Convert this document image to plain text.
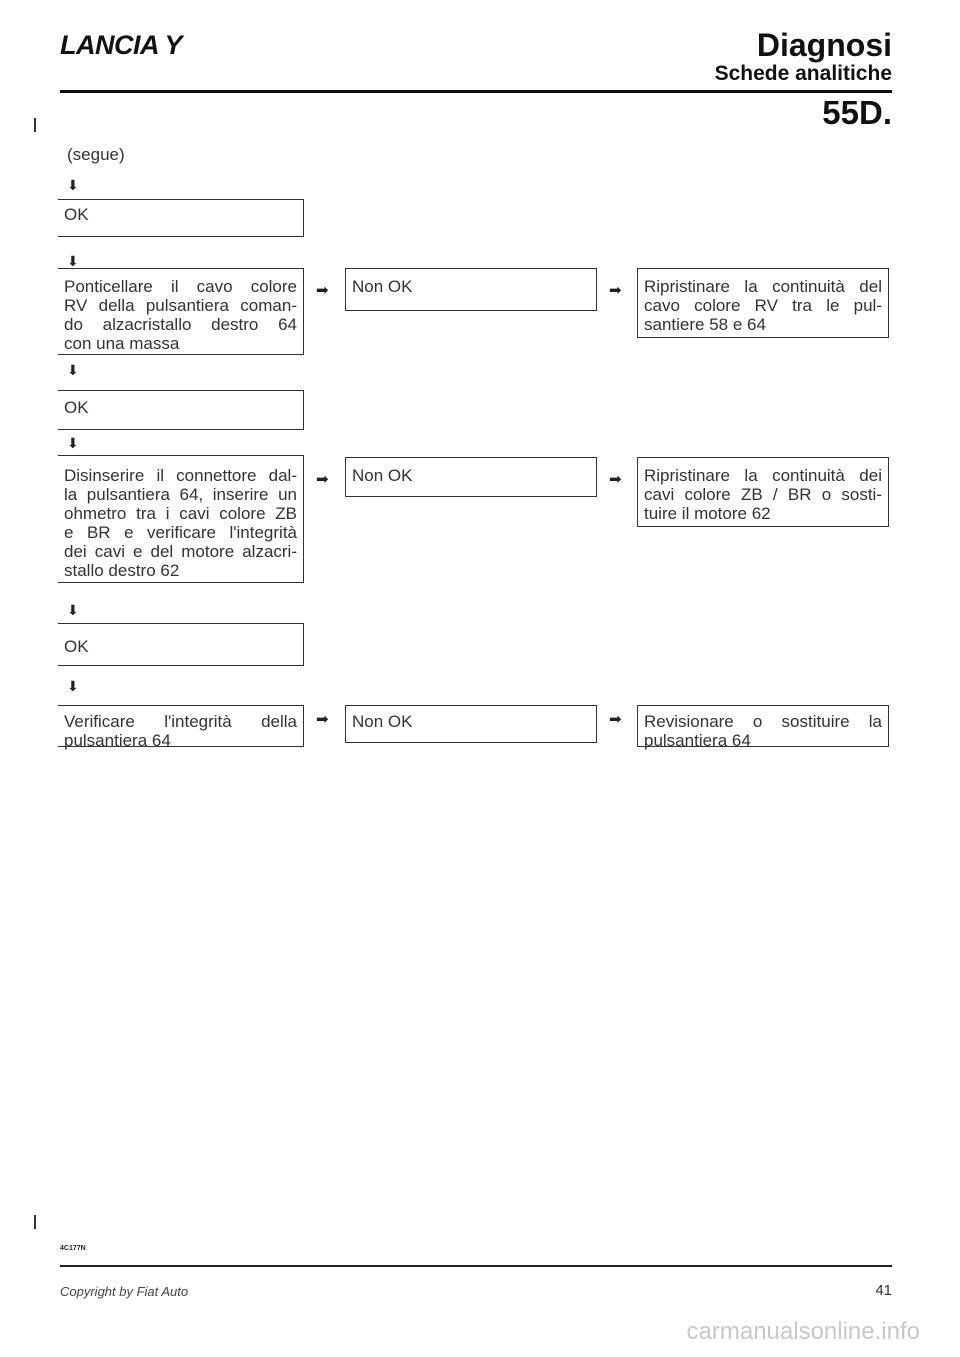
LANCIA Y	Diagnosi
Schede analitiche
55D.
(segue)
⬇
OK
⬇
Ponticellare il cavo colore
RV della pulsantiera coman-
do alzacristallo destro 64
con una massa
➡	Non OK	➡	Ripristinare la continuità del
cavo colore RV tra le pul-
santiere 58 e 64
⬇
OK
⬇
Disinserire il connettore dal-
la pulsantiera 64, inserire un
ohmetro tra i cavi colore ZB
e BR e verificare l'integrità
dei cavi e del motore alzacri-
stallo destro 62
➡	Non OK	➡	Ripristinare la continuità dei
cavi colore ZB / BR o sosti-
tuire il motore 62
⬇
OK
⬇
Verificare l'integrità della
pulsantiera 64
➡	Non OK	➡	Revisionare o sostituire la
pulsantiera 64
4C177N
Copyright by Fiat Auto	41
carmanualsonline.info
